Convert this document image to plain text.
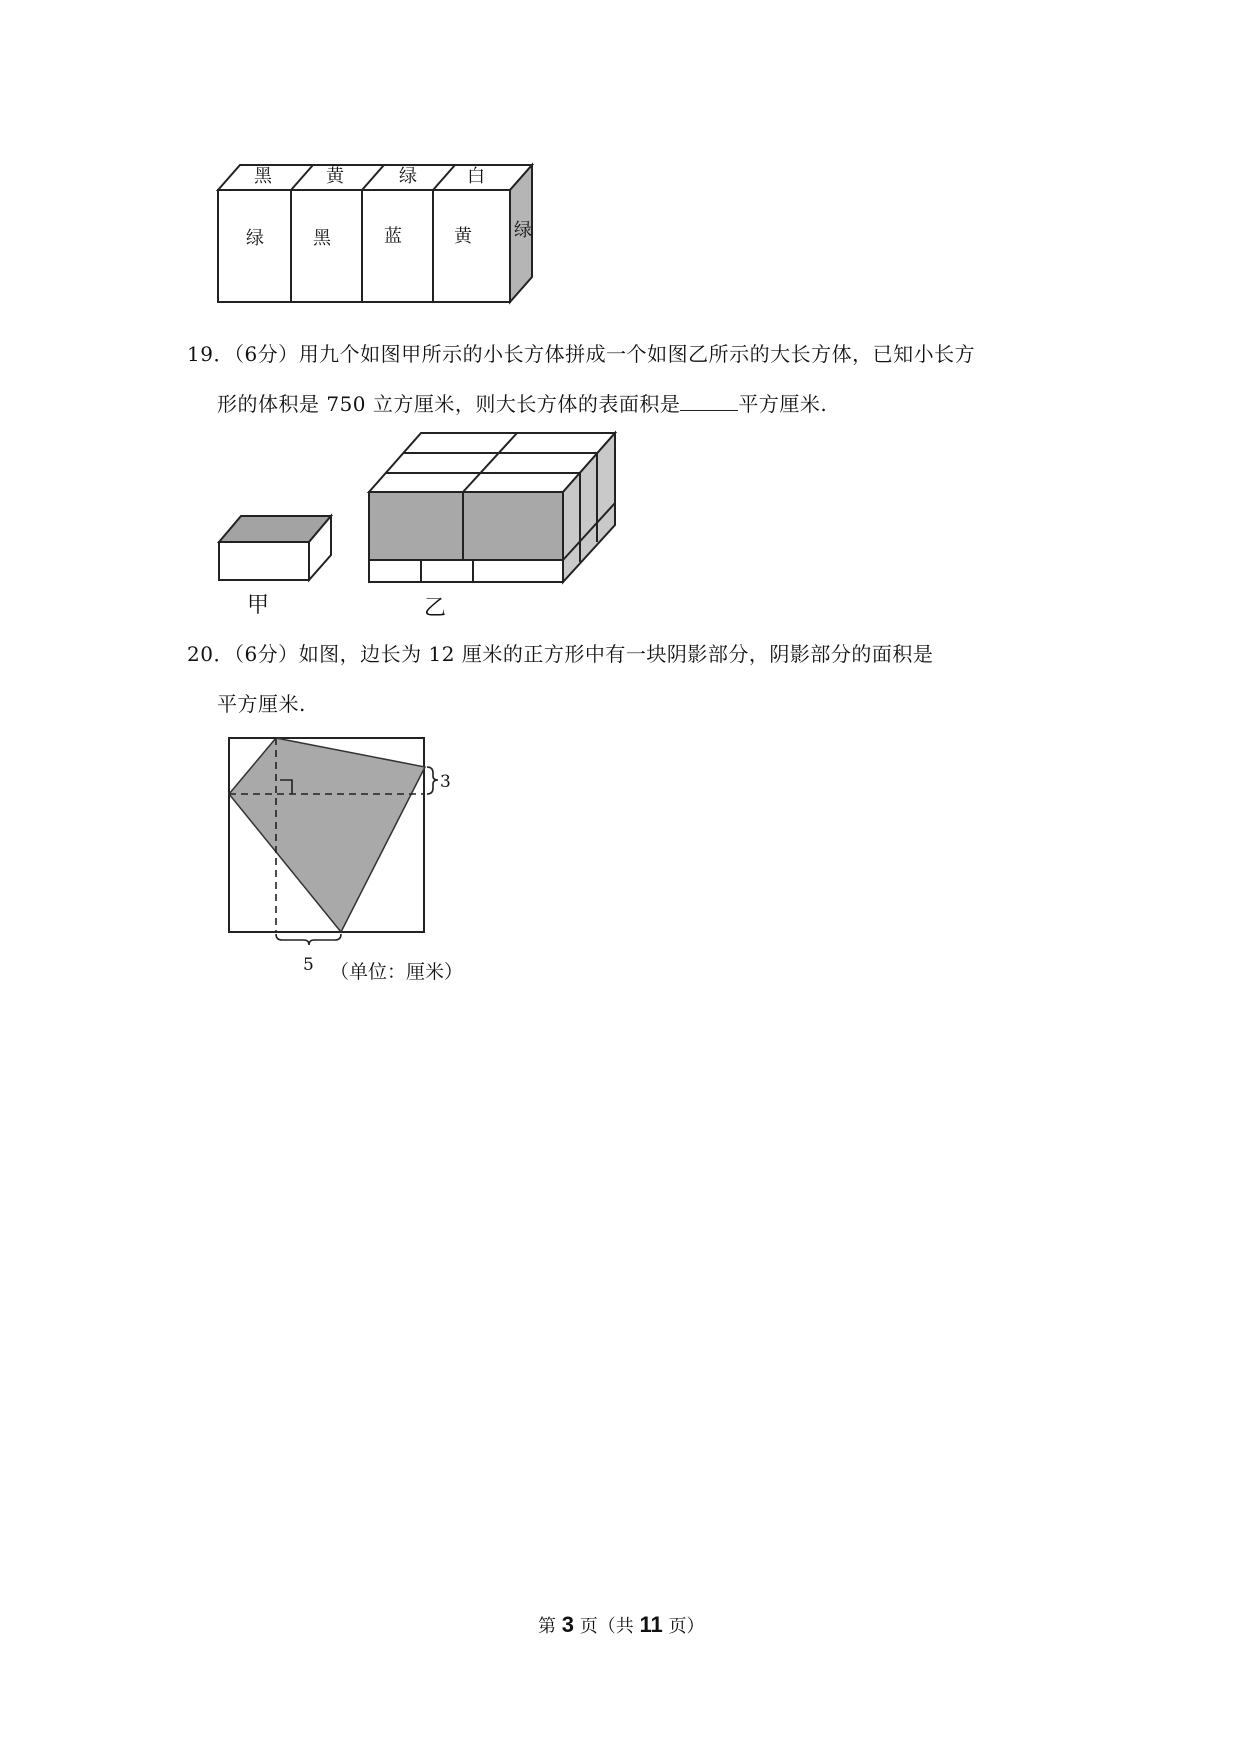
黑	黄	绿	白
绿	黑	蓝	黄 绿
19．（6分）用九个如图甲所示的小长方体拼成一个如图乙所示的大长方体，已知小长方
形的体积是 750 立方厘米，则大长方体的表面积是	平方厘米.
甲	乙
20．（6分）如图，边长为 12 厘米的正方形中有一块阴影部分，阴影部分的面积是
平方厘米.
3
5 （单位：厘米）
第 3 页（共 11 页）
